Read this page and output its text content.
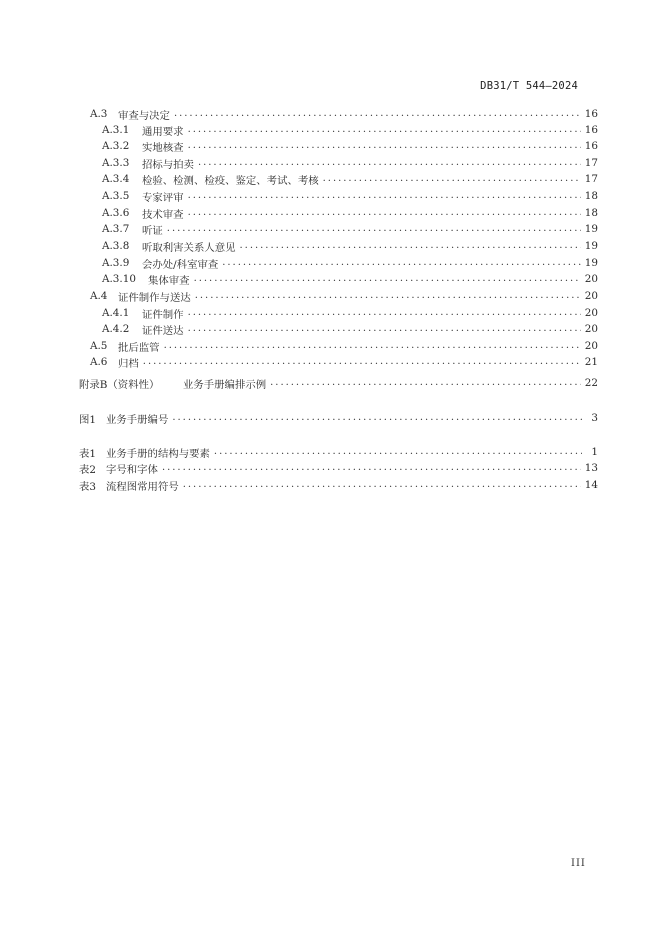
DB31/T 544—2024
A.3	审查与决定 . . .	16
A.3.1	通用要求 . . .	16
A.3.2	实地核查 . . .	16
A.3.3	招标与拍卖 . . .	17
A.3.4	检验、检测、检疫、鉴定、考试、考核 . . .	17
A.3.5	专家评审 . . .	18
A.3.6	技术审查 . . .	18
A.3.7	听证 . . .	19
A.3.8	听取利害关系人意见 . . .	19
A.3.9	会办处/科室审查 . . .	19
A.3.10	集体审查 . . .	20
A.4	证件制作与送达 . . .	20
A.4.1	证件制作 . . .	20
A.4.2	证件送达 . . .	20
A.5	批后监管 . . .	20
A.6	归档 . . .	21
附录B（资料性）	业务手册编排示例 . . .	22
图1 业务手册编号 . . .	3
表1 业务手册的结构与要素 . . .	1
表2 字号和字体 . . .	13
表3 流程图常用符号 . . .	14
III
